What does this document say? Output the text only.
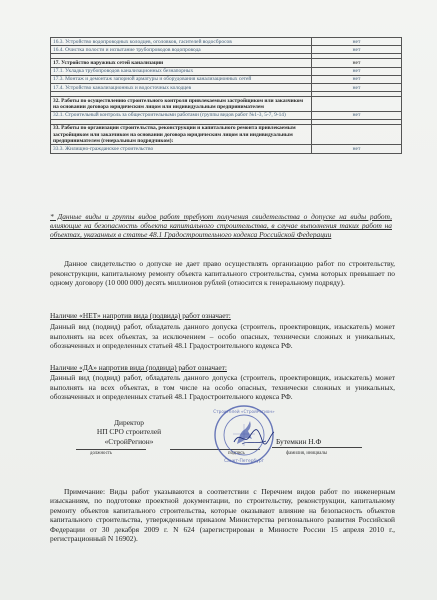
16.3. Устройство водопроводных колодцев, оголовков, гасителей водосбросов	нет
16.4. Очистка полости и испытание трубопроводов водопровода	нет

17. Устройство наружных сетей канализации	нет
17.1. Укладка трубопроводов канализационных безнапорных	нет
17.3. Монтаж и демонтаж запорной арматуры и оборудования канализационных сетей	нет
17.4. Устройство канализационных и водосточных колодцев	нет

32. Работы по осуществлению строительного контроля привлекаемым застройщиком или заказчиком на основании договора юридическим лицом или индивидуальным предпринимателем	
32.1. Строительный контроль за общестроительными работами (группы видов работ №1-3, 5-7, 9-14)	нет

33. Работы по организации строительства, реконструкции и капитального ремонта привлекаемым застройщиком или заказчиком на основании договора юридическим лицом или индивидуальным предпринимателем (генеральным подрядчиком):	
33.3. Жилищно-гражданское строительство	нет
* Данные виды и группы видов работ требуют получения свидетельства о допуске на виды работ, влияющие на безопасность объекта капитального строительства, в случае выполнения таких работ на объектах, указанных в статье 48.1 Градостроительного кодекса Российской Федерации
Данное свидетельство о допуске не дает право осуществлять организацию работ по строительству, реконструкции, капитальному ремонту объекта капитального строительства, сумма которых превышает по одному договору (10 000 000) десять миллионов рублей (относится к генеральному подряду).
Наличие «НЕТ» напротив вида (подвида) работ означает:
Данный вид (подвид) работ, обладатель данного допуска (строитель, проектировщик, изыскатель) может выполнять на всех объектах, за исключением – особо опасных, технически сложных и уникальных, обозначенных и определенных статьей 48.1 Градостроительного кодекса РФ.
Наличие «ДА» напротив вида (подвида) работ означает:
Данный вид (подвид) работ, обладатель данного допуска (строитель, проектировщик, изыскатель) может выполнять на всех объектах, в том числе на особо опасных, технически сложных и уникальных, обозначенных и определенных статьей 48.1 Градостроительного кодекса РФ.
Директор
НП СРО строителей
«СтройРегион»
должность	подпись	фамилия, инициалы
Бутемкин Н.Ф
Строителей «СтройРегион»
Санкт-Петербург
Примечание: Виды работ указываются в соответствии с Перечнем видов работ по инженерным изысканиям, по подготовке проектной документации, по строительству, реконструкции, капитальному ремонту объектов капитального строительства, которые оказывают влияние на безопасность объектов капитального строительства, утвержденным приказом Министерства регионального развития Российской Федерации от 30 декабря 2009 г. N 624 (зарегистрирован в Минюсте России 15 апреля 2010 г., регистрационный N 16902).
